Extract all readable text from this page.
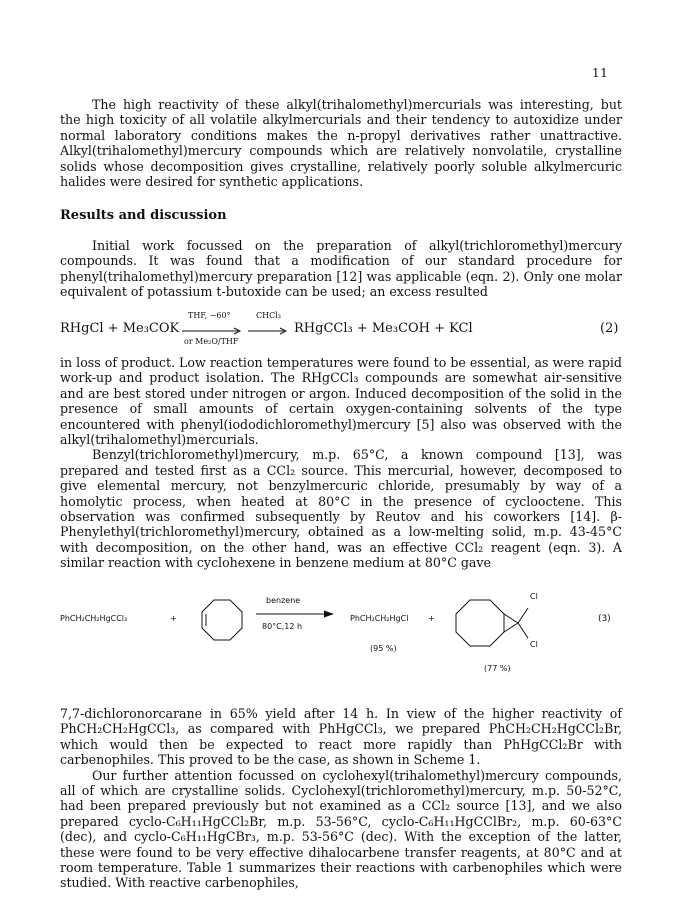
11

The high reactivity of these alkyl(trihalomethyl)mercurials was interesting, but the high toxicity of all volatile alkylmercurials and their tendency to autoxidize under normal laboratory conditions makes the n-propyl derivatives rather unattractive. Alkyl(trihalomethyl)mercury compounds which are relatively nonvolatile, crystalline solids whose decomposition gives crystalline, relatively poorly soluble alkylmercuric halides were desired for synthetic applications.

Results and discussion

Initial work focussed on the preparation of alkyl(trichloromethyl)mercury compounds. It was found that a modification of our standard procedure for phenyl(trihalomethyl)mercury preparation [12] was applicable (eqn. 2). Only one molar equivalent of potassium t-butoxide can be used; an excess resulted

RHgCl + Me₃COK
THF, −60°
or Me₂O/THF
CHCl₃
RHgCCl₃ + Me₃COH + KCl	(2)

in loss of product. Low reaction temperatures were found to be essential, as were rapid work-up and product isolation. The RHgCCl₃ compounds are somewhat air-sensitive and are best stored under nitrogen or argon. Induced decomposition of the solid in the presence of small amounts of certain oxygen-containing solvents of the type encountered with phenyl(iododichloromethyl)mercury [5] also was observed with the alkyl(trihalomethyl)mercurials.

Benzyl(trichloromethyl)mercury, m.p. 65°C, a known compound [13], was prepared and tested first as a CCl₂ source. This mercurial, however, decomposed to give elemental mercury, not benzylmercuric chloride, presumably by way of a homolytic process, when heated at 80°C in the presence of cyclooctene. This observation was confirmed subsequently by Reutov and his coworkers [14]. β-Phenylethyl(trichloromethyl)mercury, obtained as a low-melting solid, m.p. 43-45°C with decomposition, on the other hand, was an effective CCl₂ reagent (eqn. 3). A similar reaction with cyclohexene in benzene medium at 80°C gave

PhCH₂CH₂HgCCl₃	+
benzene
80°C,12 h
PhCH₂CH₂HgCl +
(95 %)
Cl
Cl
(77 %)
(3)

7,7-dichloronorcarane in 65% yield after 14 h. In view of the higher reactivity of PhCH₂CH₂HgCCl₃, as compared with PhHgCCl₃, we prepared PhCH₂CH₂HgCCl₂Br, which would then be expected to react more rapidly than PhHgCCl₂Br with carbenophiles. This proved to be the case, as shown in Scheme 1.

Our further attention focussed on cyclohexyl(trihalomethyl)mercury compounds, all of which are crystalline solids. Cyclohexyl(trichloromethyl)mercury, m.p. 50-52°C, had been prepared previously but not examined as a CCl₂ source [13], and we also prepared cyclo-C₆H₁₁HgCCl₂Br, m.p. 53-56°C, cyclo-C₆H₁₁HgCClBr₂, m.p. 60-63°C (dec), and cyclo-C₆H₁₁HgCBr₃, m.p. 53-56°C (dec). With the exception of the latter, these were found to be very effective dihalocarbene transfer reagents, at 80°C and at room temperature. Table 1 summarizes their reactions with carbenophiles which were studied. With reactive carbenophiles,
